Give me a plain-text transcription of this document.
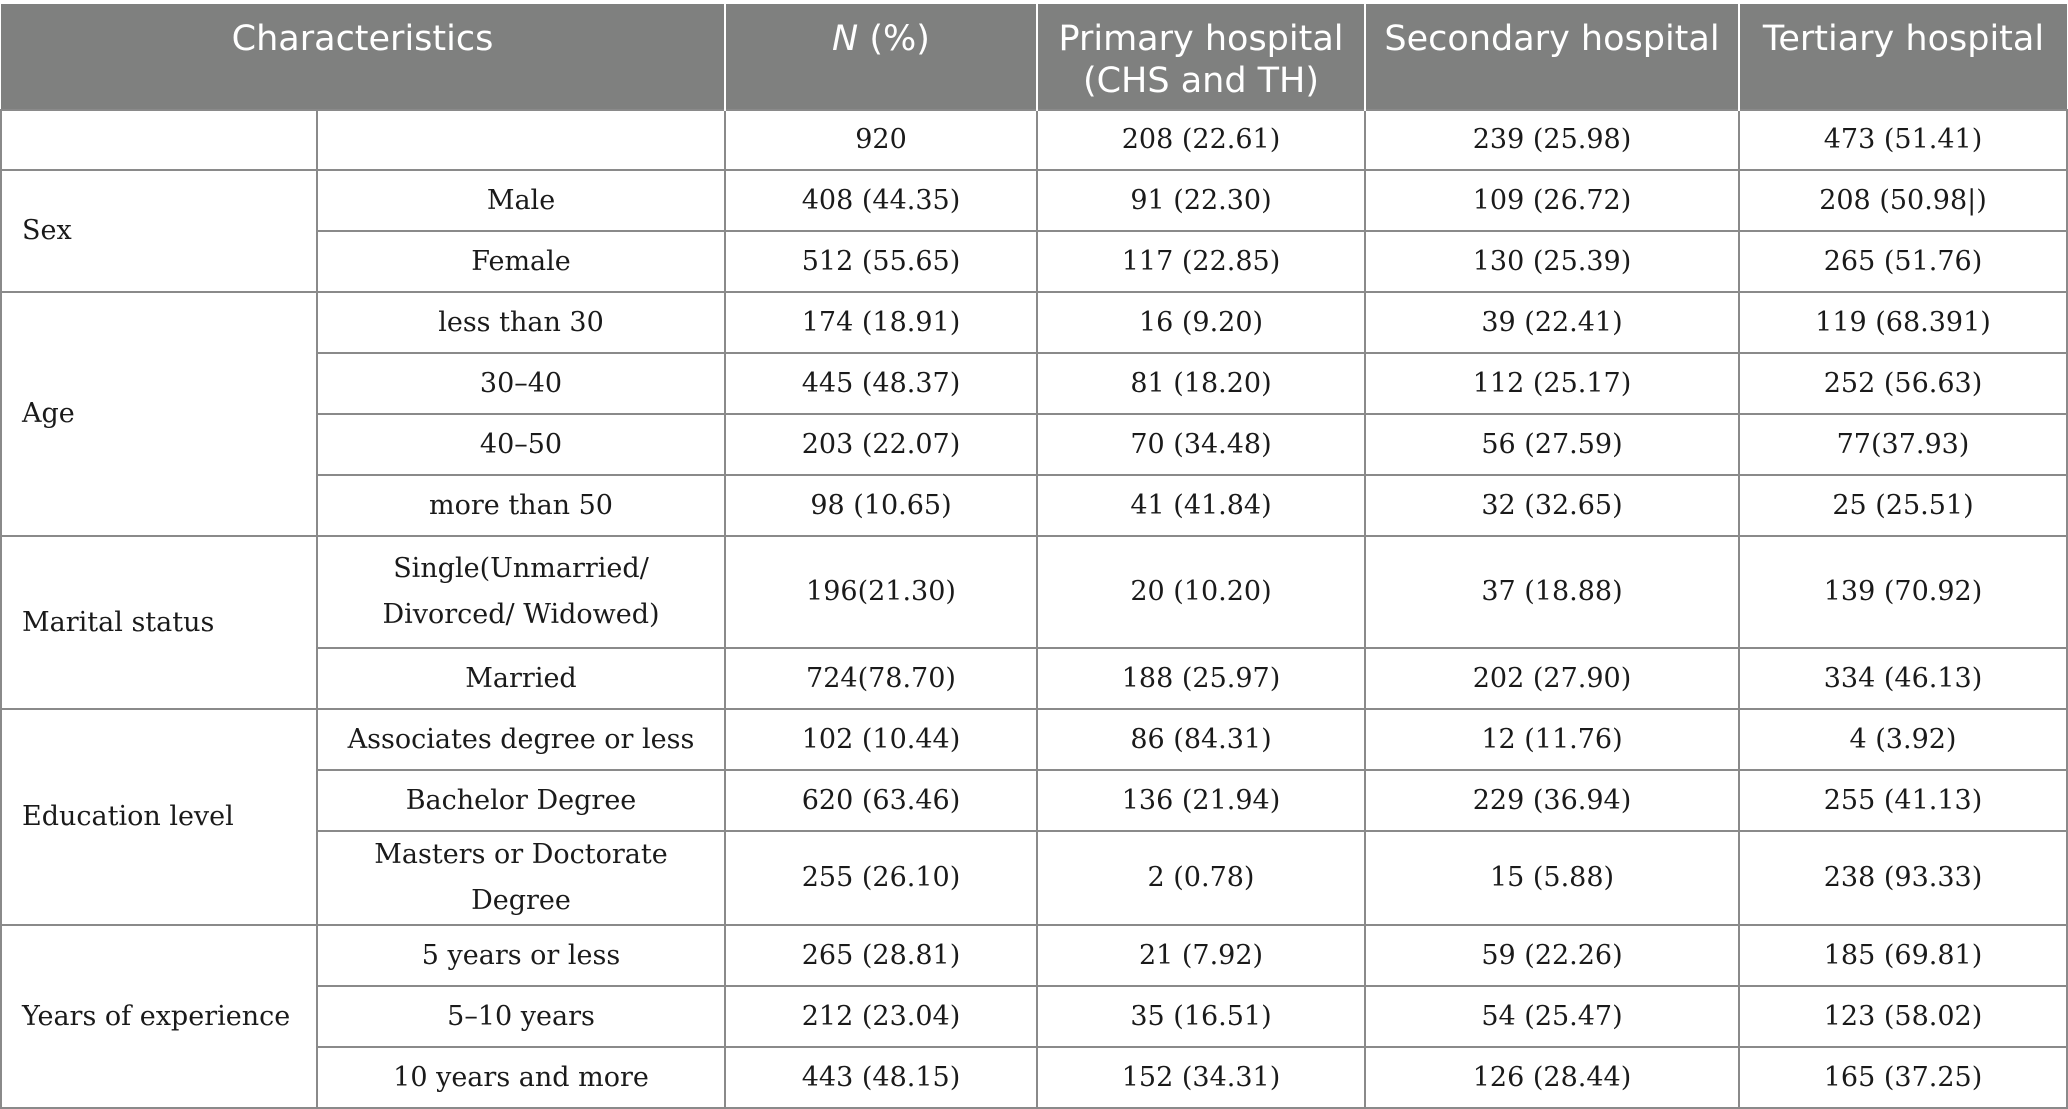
Characteristics		N (%)	Primary hospital (CHS and TH)	Secondary hospital	Tertiary hospital
		920	208 (22.61)	239 (25.98)	473 (51.41)
Sex	Male	408 (44.35)	91 (22.30)	109 (26.72)	208 (50.98|)
	Female	512 (55.65)	117 (22.85)	130 (25.39)	265 (51.76)
Age	less than 30	174 (18.91)	16 (9.20)	39 (22.41)	119 (68.391)
	30–40	445 (48.37)	81 (18.20)	112 (25.17)	252 (56.63)
	40–50	203 (22.07)	70 (34.48)	56 (27.59)	77(37.93)
	more than 50	98 (10.65)	41 (41.84)	32 (32.65)	25 (25.51)
Marital status	Single(Unmarried/ Divorced/ Widowed)	196(21.30)	20 (10.20)	37 (18.88)	139 (70.92)
	Married	724(78.70)	188 (25.97)	202 (27.90)	334 (46.13)
Education level	Associates degree or less	102 (10.44)	86 (84.31)	12 (11.76)	4 (3.92)
	Bachelor Degree	620 (63.46)	136 (21.94)	229 (36.94)	255 (41.13)
	Masters or Doctorate Degree	255 (26.10)	2 (0.78)	15 (5.88)	238 (93.33)
Years of experience	5 years or less	265 (28.81)	21 (7.92)	59 (22.26)	185 (69.81)
	5–10 years	212 (23.04)	35 (16.51)	54 (25.47)	123 (58.02)
	10 years and more	443 (48.15)	152 (34.31)	126 (28.44)	165 (37.25)
